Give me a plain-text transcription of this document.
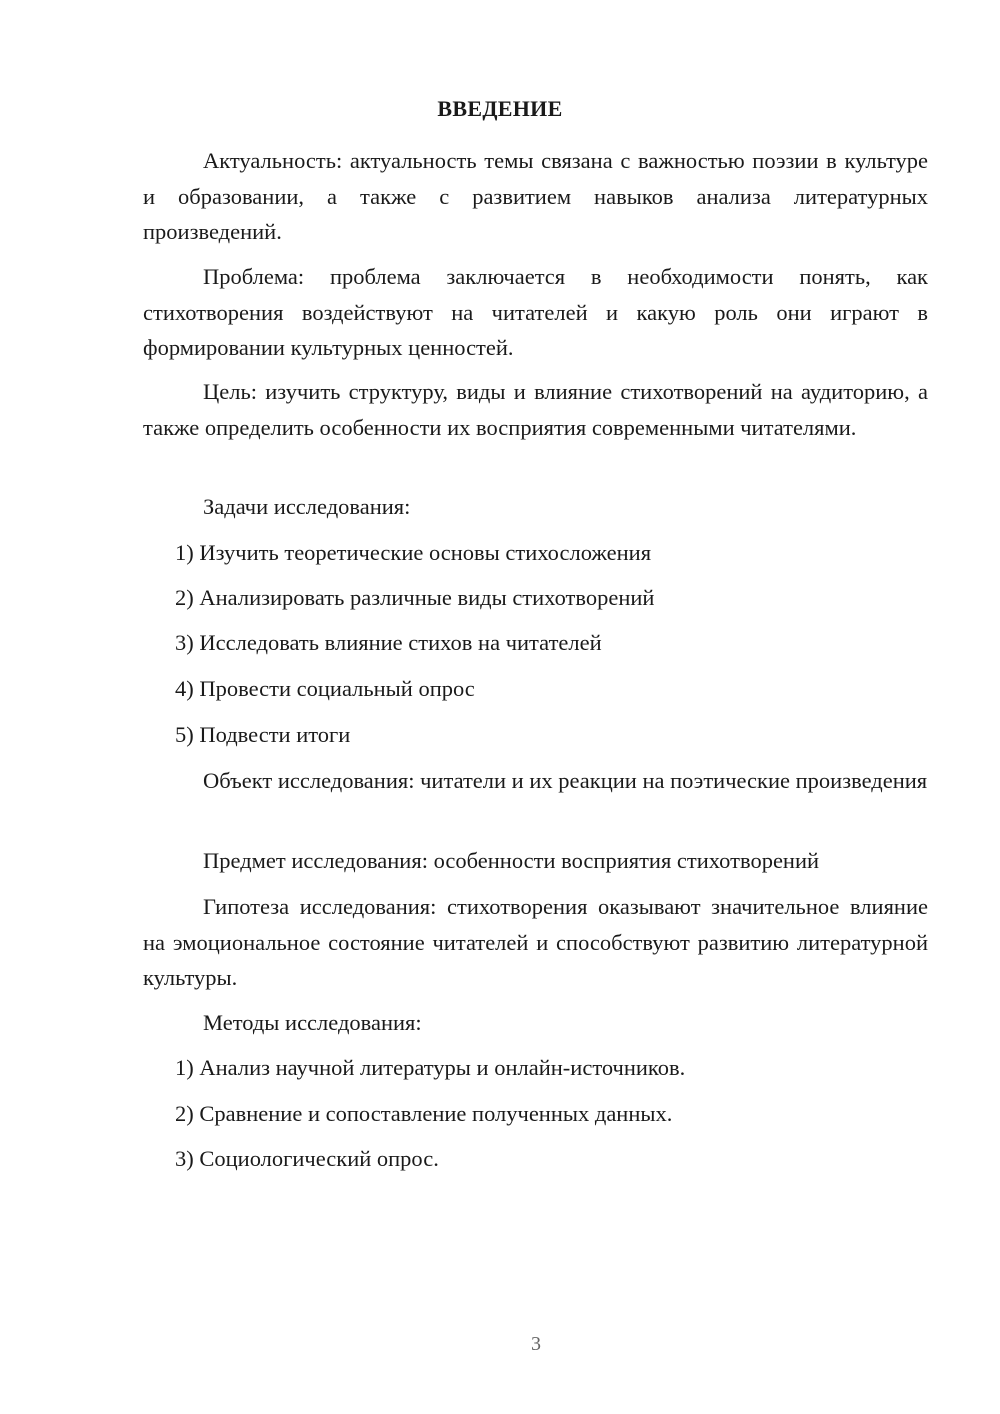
ВВЕДЕНИЕ
Актуальность: актуальность темы связана с важностью поэзии в культуре и образовании, а также с развитием навыков анализа литературных произведений.
Проблема: проблема заключается в необходимости понять, как стихотворения воздействуют на читателей и какую роль они играют в формировании культурных ценностей.
Цель: изучить структуру, виды и влияние стихотворений на аудиторию, а также определить особенности их восприятия современными читателями.
Задачи исследования:
1) Изучить теоретические основы стихосложения
2) Анализировать различные виды стихотворений
3) Исследовать влияние стихов на читателей
4) Провести социальный опрос
5) Подвести итоги
Объект исследования: читатели и их реакции на поэтические произведения
Предмет исследования: особенности восприятия стихотворений
Гипотеза исследования: стихотворения оказывают значительное влияние на эмоциональное состояние читателей и способствуют развитию литературной культуры.
Методы исследования:
1) Анализ научной литературы и онлайн-источников.
2) Сравнение и сопоставление полученных данных.
3) Социологический опрос.
3
